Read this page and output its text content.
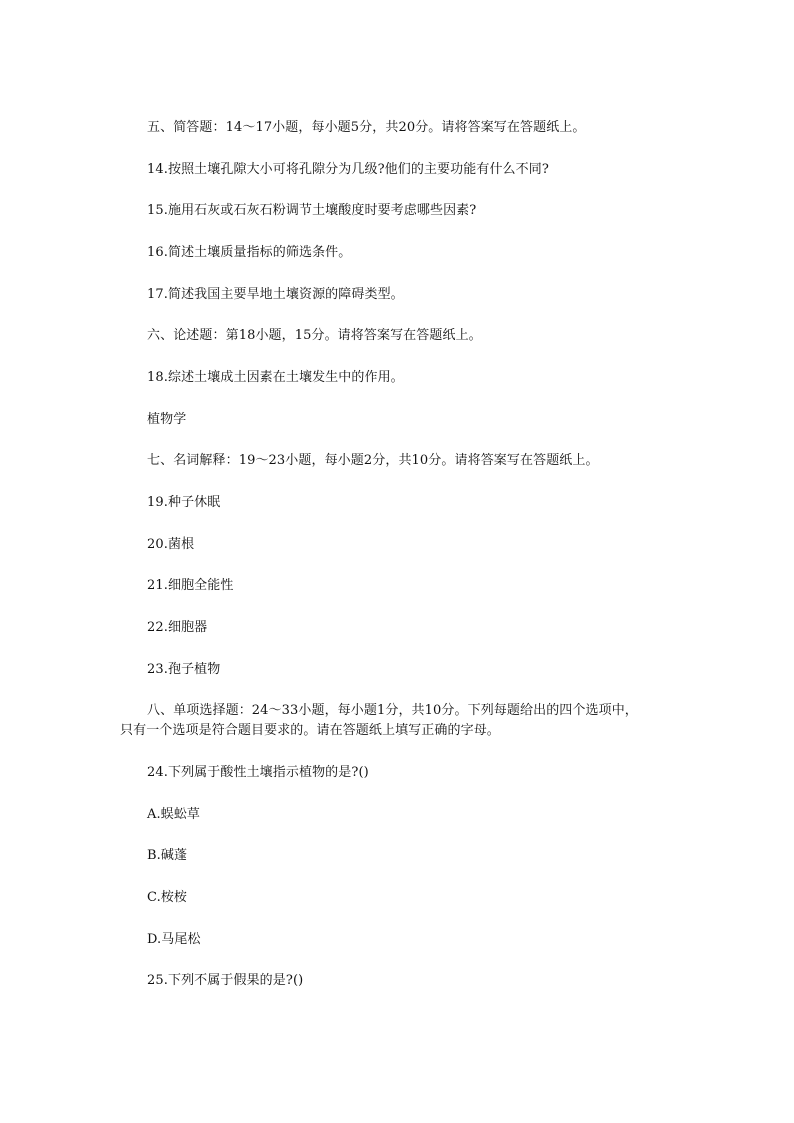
五、简答题：14～17小题，每小题5分，共20分。请将答案写在答题纸上。
14.按照土壤孔隙大小可将孔隙分为几级?他们的主要功能有什么不同?
15.施用石灰或石灰石粉调节土壤酸度时要考虑哪些因素?
16.简述土壤质量指标的筛选条件。
17.简述我国主要旱地土壤资源的障碍类型。
六、论述题：第18小题，15分。请将答案写在答题纸上。
18.综述土壤成土因素在土壤发生中的作用。
植物学
七、名词解释：19～23小题，每小题2分，共10分。请将答案写在答题纸上。
19.种子休眠
20.菌根
21.细胞全能性
22.细胞器
23.孢子植物
八、单项选择题：24～33小题，每小题1分，共10分。下列每题给出的四个选项中，
只有一个选项是符合题目要求的。请在答题纸上填写正确的字母。
24.下列属于酸性土壤指示植物的是?()
A.蜈蚣草
B.碱蓬
C.桉桉
D.马尾松
25.下列不属于假果的是?()
